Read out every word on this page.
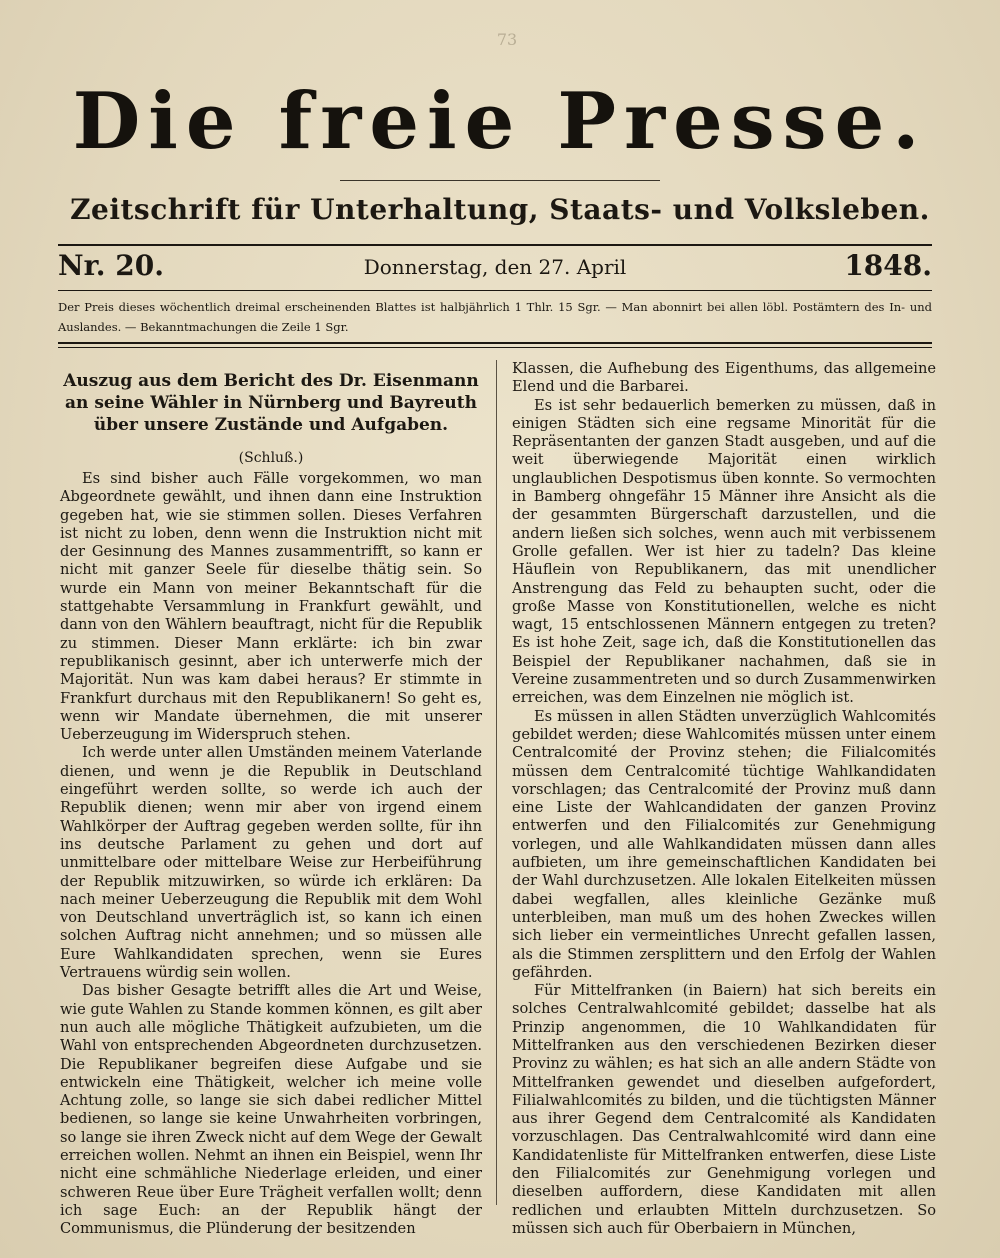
73
Die freie Presse.
Zeitschrift für Unterhaltung, Staats- und Volksleben.
Nr. 20.	Donnerstag, den 27. April	1848.
Der Preis dieses wöchentlich dreimal erscheinenden Blattes ist halbjährlich 1 Thlr. 15 Sgr. — Man abonnirt bei allen löbl. Postämtern des In- und Auslandes. — Bekanntmachungen die Zeile 1 Sgr.
Auszug aus dem Bericht des Dr. Eisenmann an seine Wähler in Nürnberg und Bayreuth über unsere Zustände und Aufgaben.
(Schluß.)

Es sind bisher auch Fälle vorgekommen, wo man Abgeordnete gewählt, und ihnen dann eine Instruktion gegeben hat, wie sie stimmen sollen. Dieses Verfahren ist nicht zu loben, denn wenn die Instruktion nicht mit der Gesinnung des Mannes zusammentrifft, so kann er nicht mit ganzer Seele für dieselbe thätig sein. So wurde ein Mann von meiner Bekanntschaft für die stattgehabte Versammlung in Frankfurt gewählt, und dann von den Wählern beauftragt, nicht für die Republik zu stimmen. Dieser Mann erklärte: ich bin zwar republikanisch gesinnt, aber ich unterwerfe mich der Majorität. Nun was kam dabei heraus? Er stimmte in Frankfurt durchaus mit den Republikanern! So geht es, wenn wir Mandate übernehmen, die mit unserer Ueberzeugung im Widerspruch stehen.

Ich werde unter allen Umständen meinem Vaterlande dienen, und wenn je die Republik in Deutschland eingeführt werden sollte, so werde ich auch der Republik dienen; wenn mir aber von irgend einem Wahlkörper der Auftrag gegeben werden sollte, für ihn ins deutsche Parlament zu gehen und dort auf unmittelbare oder mittelbare Weise zur Herbeiführung der Republik mitzuwirken, so würde ich erklären: Da nach meiner Ueberzeugung die Republik mit dem Wohl von Deutschland unverträglich ist, so kann ich einen solchen Auftrag nicht annehmen; und so müssen alle Eure Wahlkandidaten sprechen, wenn sie Eures Vertrauens würdig sein wollen.

Das bisher Gesagte betrifft alles die Art und Weise, wie gute Wahlen zu Stande kommen können, es gilt aber nun auch alle mögliche Thätigkeit aufzubieten, um die Wahl von entsprechenden Abgeordneten durchzusetzen. Die Republikaner begreifen diese Aufgabe und sie entwickeln eine Thätigkeit, welcher ich meine volle Achtung zolle, so lange sie sich dabei redlicher Mittel bedienen, so lange sie keine Unwahrheiten vorbringen, so lange sie ihren Zweck nicht auf dem Wege der Gewalt erreichen wollen. Nehmt an ihnen ein Beispiel, wenn Ihr nicht eine schmähliche Niederlage erleiden, und einer schweren Reue über Eure Trägheit verfallen wollt; denn ich sage Euch: an der Republik hängt der Communismus, die Plünderung der besitzenden

Klassen, die Aufhebung des Eigenthums, das allgemeine Elend und die Barbarei.

Es ist sehr bedauerlich bemerken zu müssen, daß in einigen Städten sich eine regsame Minorität für die Repräsentanten der ganzen Stadt ausgeben, und auf die weit überwiegende Majorität einen wirklich unglaublichen Despotismus üben konnte. So vermochten in Bamberg ohngefähr 15 Männer ihre Ansicht als die der gesammten Bürgerschaft darzustellen, und die andern ließen sich solches, wenn auch mit verbissenem Grolle gefallen. Wer ist hier zu tadeln? Das kleine Häuflein von Republikanern, das mit unendlicher Anstrengung das Feld zu behaupten sucht, oder die große Masse von Konstitutionellen, welche es nicht wagt, 15 entschlossenen Männern entgegen zu treten? Es ist hohe Zeit, sage ich, daß die Konstitutionellen das Beispiel der Republikaner nachahmen, daß sie in Vereine zusammentreten und so durch Zusammenwirken erreichen, was dem Einzelnen nie möglich ist.

Es müssen in allen Städten unverzüglich Wahlcomités gebildet werden; diese Wahlcomités müssen unter einem Centralcomité der Provinz stehen; die Filialcomités müssen dem Centralcomité tüchtige Wahlkandidaten vorschlagen; das Centralcomité der Provinz muß dann eine Liste der Wahlcandidaten der ganzen Provinz entwerfen und den Filialcomités zur Genehmigung vorlegen, und alle Wahlkandidaten müssen dann alles aufbieten, um ihre gemeinschaftlichen Kandidaten bei der Wahl durchzusetzen. Alle lokalen Eitelkeiten müssen dabei wegfallen, alles kleinliche Gezänke muß unterbleiben, man muß um des hohen Zweckes willen sich lieber ein vermeintliches Unrecht gefallen lassen, als die Stimmen zersplittern und den Erfolg der Wahlen gefährden.

Für Mittelfranken (in Baiern) hat sich bereits ein solches Centralwahlcomité gebildet; dasselbe hat als Prinzip angenommen, die 10 Wahlkandidaten für Mittelfranken aus den verschiedenen Bezirken dieser Provinz zu wählen; es hat sich an alle andern Städte von Mittelfranken gewendet und dieselben aufgefordert, Filialwahlcomités zu bilden, und die tüchtigsten Männer aus ihrer Gegend dem Centralcomité als Kandidaten vorzuschlagen. Das Centralwahlcomité wird dann eine Kandidatenliste für Mittelfranken entwerfen, diese Liste den Filialcomités zur Genehmigung vorlegen und dieselben auffordern, diese Kandidaten mit allen redlichen und erlaubten Mitteln durchzusetzen. So müssen sich auch für Oberbaiern in München,
